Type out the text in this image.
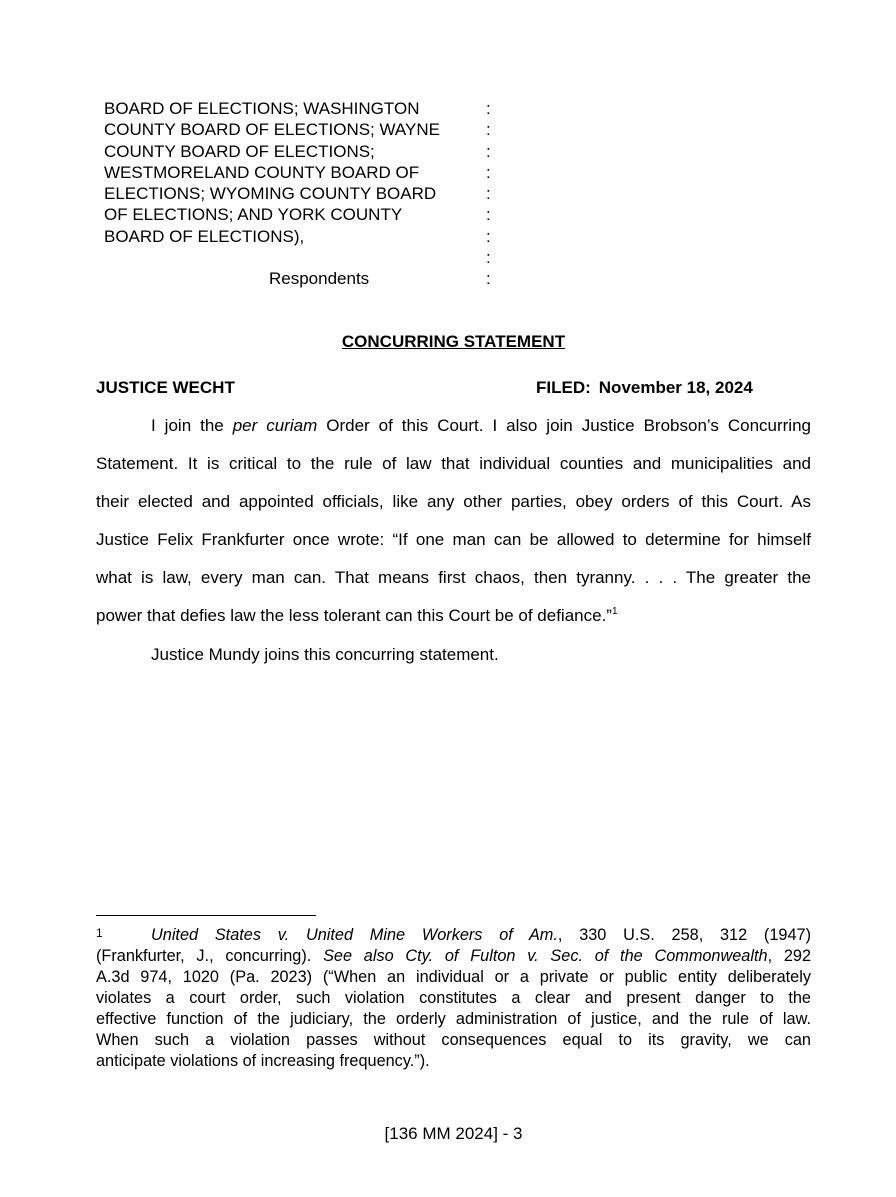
BOARD OF ELECTIONS; WASHINGTON
COUNTY BOARD OF ELECTIONS; WAYNE
COUNTY BOARD OF ELECTIONS;
WESTMORELAND COUNTY BOARD OF
ELECTIONS; WYOMING COUNTY BOARD
OF ELECTIONS; AND YORK COUNTY
BOARD OF ELECTIONS),
:
:
:
:
:
:
:
:
:
Respondents
CONCURRING STATEMENT
JUSTICE WECHT	FILED: November 18, 2024
I join the per curiam Order of this Court. I also join Justice Brobson’s Concurring
Statement. It is critical to the rule of law that individual counties and municipalities and
their elected and appointed officials, like any other parties, obey orders of this Court. As
Justice Felix Frankfurter once wrote: “If one man can be allowed to determine for himself
what is law, every man can. That means first chaos, then tyranny. . . . The greater the
power that defies law the less tolerant can this Court be of defiance.”$^1$
Justice Mundy joins this concurring statement.
1	United States v. United Mine Workers of Am., 330 U.S. 258, 312 (1947)
(Frankfurter, J., concurring). See also Cty. of Fulton v. Sec. of the Commonwealth, 292
A.3d 974, 1020 (Pa. 2023) (“When an individual or a private or public entity deliberately
violates a court order, such violation constitutes a clear and present danger to the
effective function of the judiciary, the orderly administration of justice, and the rule of law.
When such a violation passes without consequences equal to its gravity, we can
anticipate violations of increasing frequency.”).
[136 MM 2024] - 3
